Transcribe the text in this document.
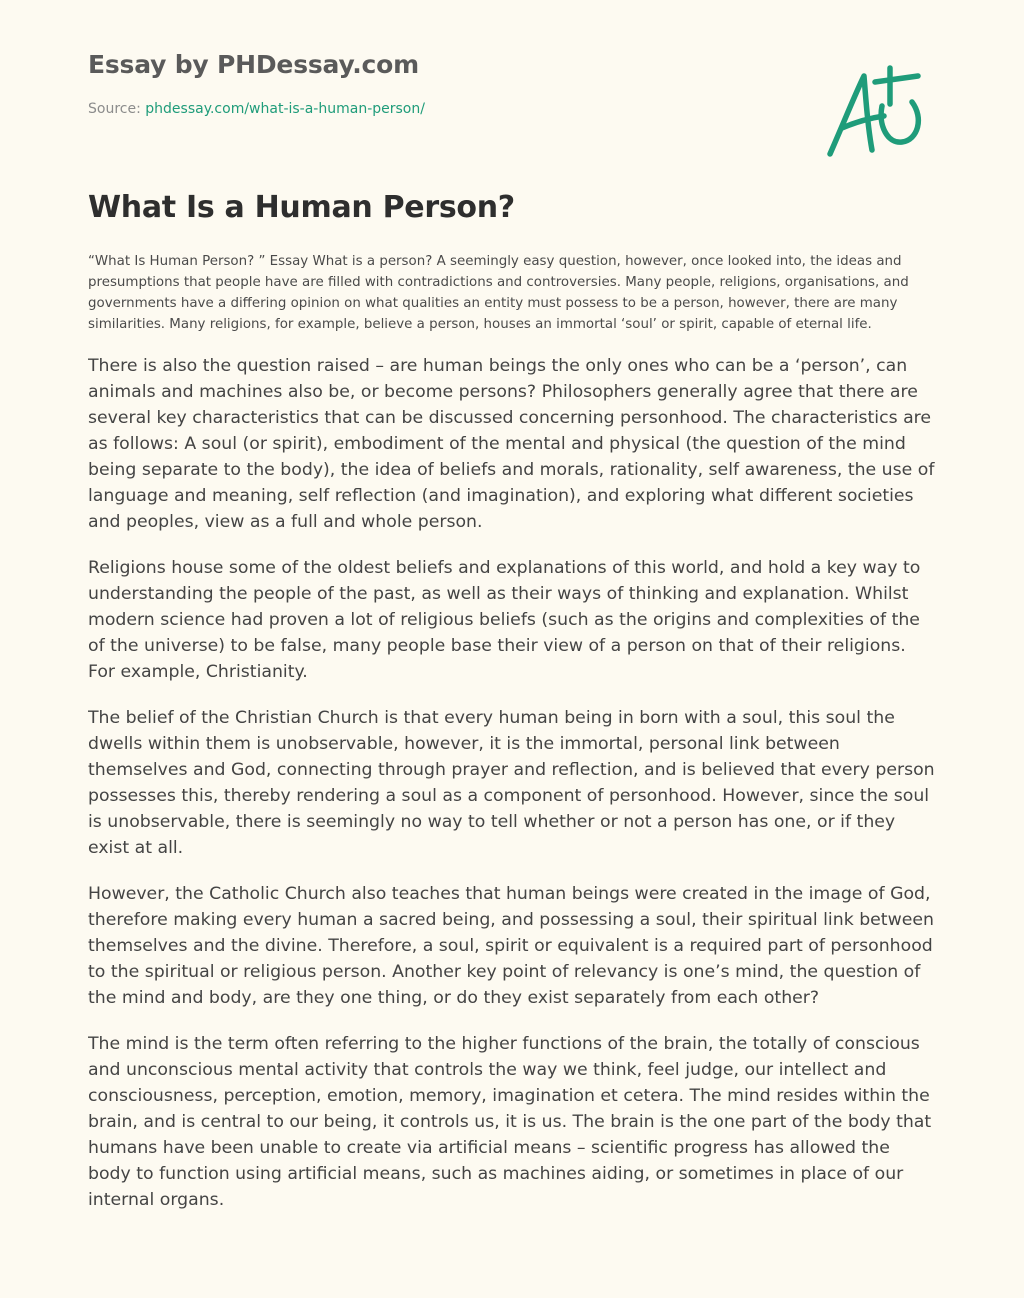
Essay by PHDessay.com

Source: phdessay.com/what-is-a-human-person/

What Is a Human Person?

“What Is Human Person? ” Essay What is a person? A seemingly easy question, however, once looked into, the ideas and presumptions that people have are filled with contradictions and controversies. Many people, religions, organisations, and governments have a differing opinion on what qualities an entity must possess to be a person, however, there are many similarities. Many religions, for example, believe a person, houses an immortal ‘soul’ or spirit, capable of eternal life.

There is also the question raised – are human beings the only ones who can be a ‘person’, can animals and machines also be, or become persons? Philosophers generally agree that there are several key characteristics that can be discussed concerning personhood. The characteristics are as follows: A soul (or spirit), embodiment of the mental and physical (the question of the mind being separate to the body), the idea of beliefs and morals, rationality, self awareness, the use of language and meaning, self reflection (and imagination), and exploring what different societies and peoples, view as a full and whole person.

Religions house some of the oldest beliefs and explanations of this world, and hold a key way to understanding the people of the past, as well as their ways of thinking and explanation. Whilst modern science had proven a lot of religious beliefs (such as the origins and complexities of the of the universe) to be false, many people base their view of a person on that of their religions. For example, Christianity.

The belief of the Christian Church is that every human being in born with a soul, this soul the dwells within them is unobservable, however, it is the immortal, personal link between themselves and God, connecting through prayer and reflection, and is believed that every person possesses this, thereby rendering a soul as a component of personhood. However, since the soul is unobservable, there is seemingly no way to tell whether or not a person has one, or if they exist at all.

However, the Catholic Church also teaches that human beings were created in the image of God, therefore making every human a sacred being, and possessing a soul, their spiritual link between themselves and the divine. Therefore, a soul, spirit or equivalent is a required part of personhood to the spiritual or religious person. Another key point of relevancy is one’s mind, the question of the mind and body, are they one thing, or do they exist separately from each other?

The mind is the term often referring to the higher functions of the brain, the totally of conscious and unconscious mental activity that controls the way we think, feel judge, our intellect and consciousness, perception, emotion, memory, imagination et cetera. The mind resides within the brain, and is central to our being, it controls us, it is us. The brain is the one part of the body that humans have been unable to create via artificial means – scientific progress has allowed the body to function using artificial means, such as machines aiding, or sometimes in place of our internal organs.
